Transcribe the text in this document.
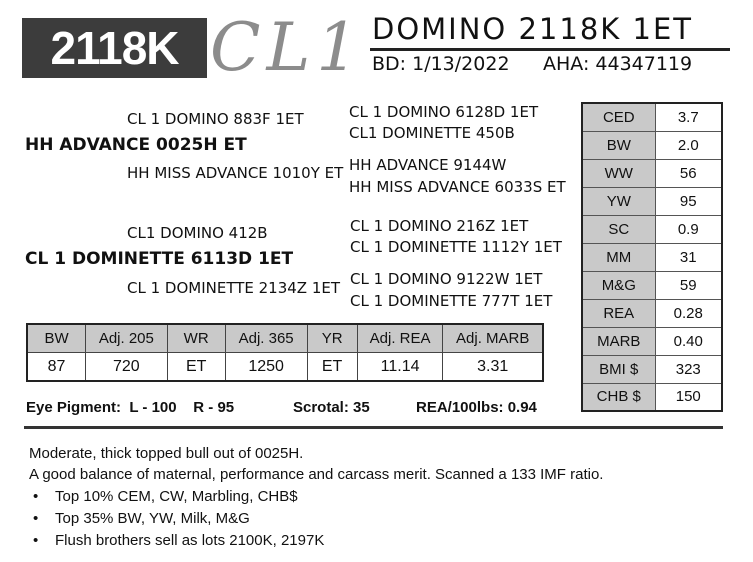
2118K CL1 DOMINO 2118K 1ET
BD: 1/13/2022 AHA: 44347119
CL 1 DOMINO 883F 1ET
HH ADVANCE 0025H ET
HH MISS ADVANCE 1010Y ET
CL 1 DOMINO 6128D 1ET
CL1 DOMINETTE 450B
HH ADVANCE 9144W
HH MISS ADVANCE 6033S ET
CL1 DOMINO 412B
CL 1 DOMINETTE 6113D 1ET
CL 1 DOMINETTE 2134Z 1ET
CL 1 DOMINO 216Z 1ET
CL 1 DOMINETTE 1112Y 1ET
CL 1 DOMINO 9122W 1ET
CL 1 DOMINETTE 777T 1ET
CED	3.7
BW	2.0
WW	56
YW	95
SC	0.9
MM	31
M&G	59
REA	0.28
MARB	0.40
BMI $	323
CHB $	150
BW	Adj. 205	WR	Adj. 365	YR	Adj. REA	Adj. MARB
87	720	ET	1250	ET	11.14	3.31
Eye Pigment:  L - 100    R - 95	Scrotal: 35	REA/100lbs: 0.94
Moderate, thick topped bull out of 0025H.
A good balance of maternal, performance and carcass merit. Scanned a 133 IMF ratio.
• Top 10% CEM, CW, Marbling, CHB$
• Top 35% BW, YW, Milk, M&G
• Flush brothers sell as lots 2100K, 2197K
